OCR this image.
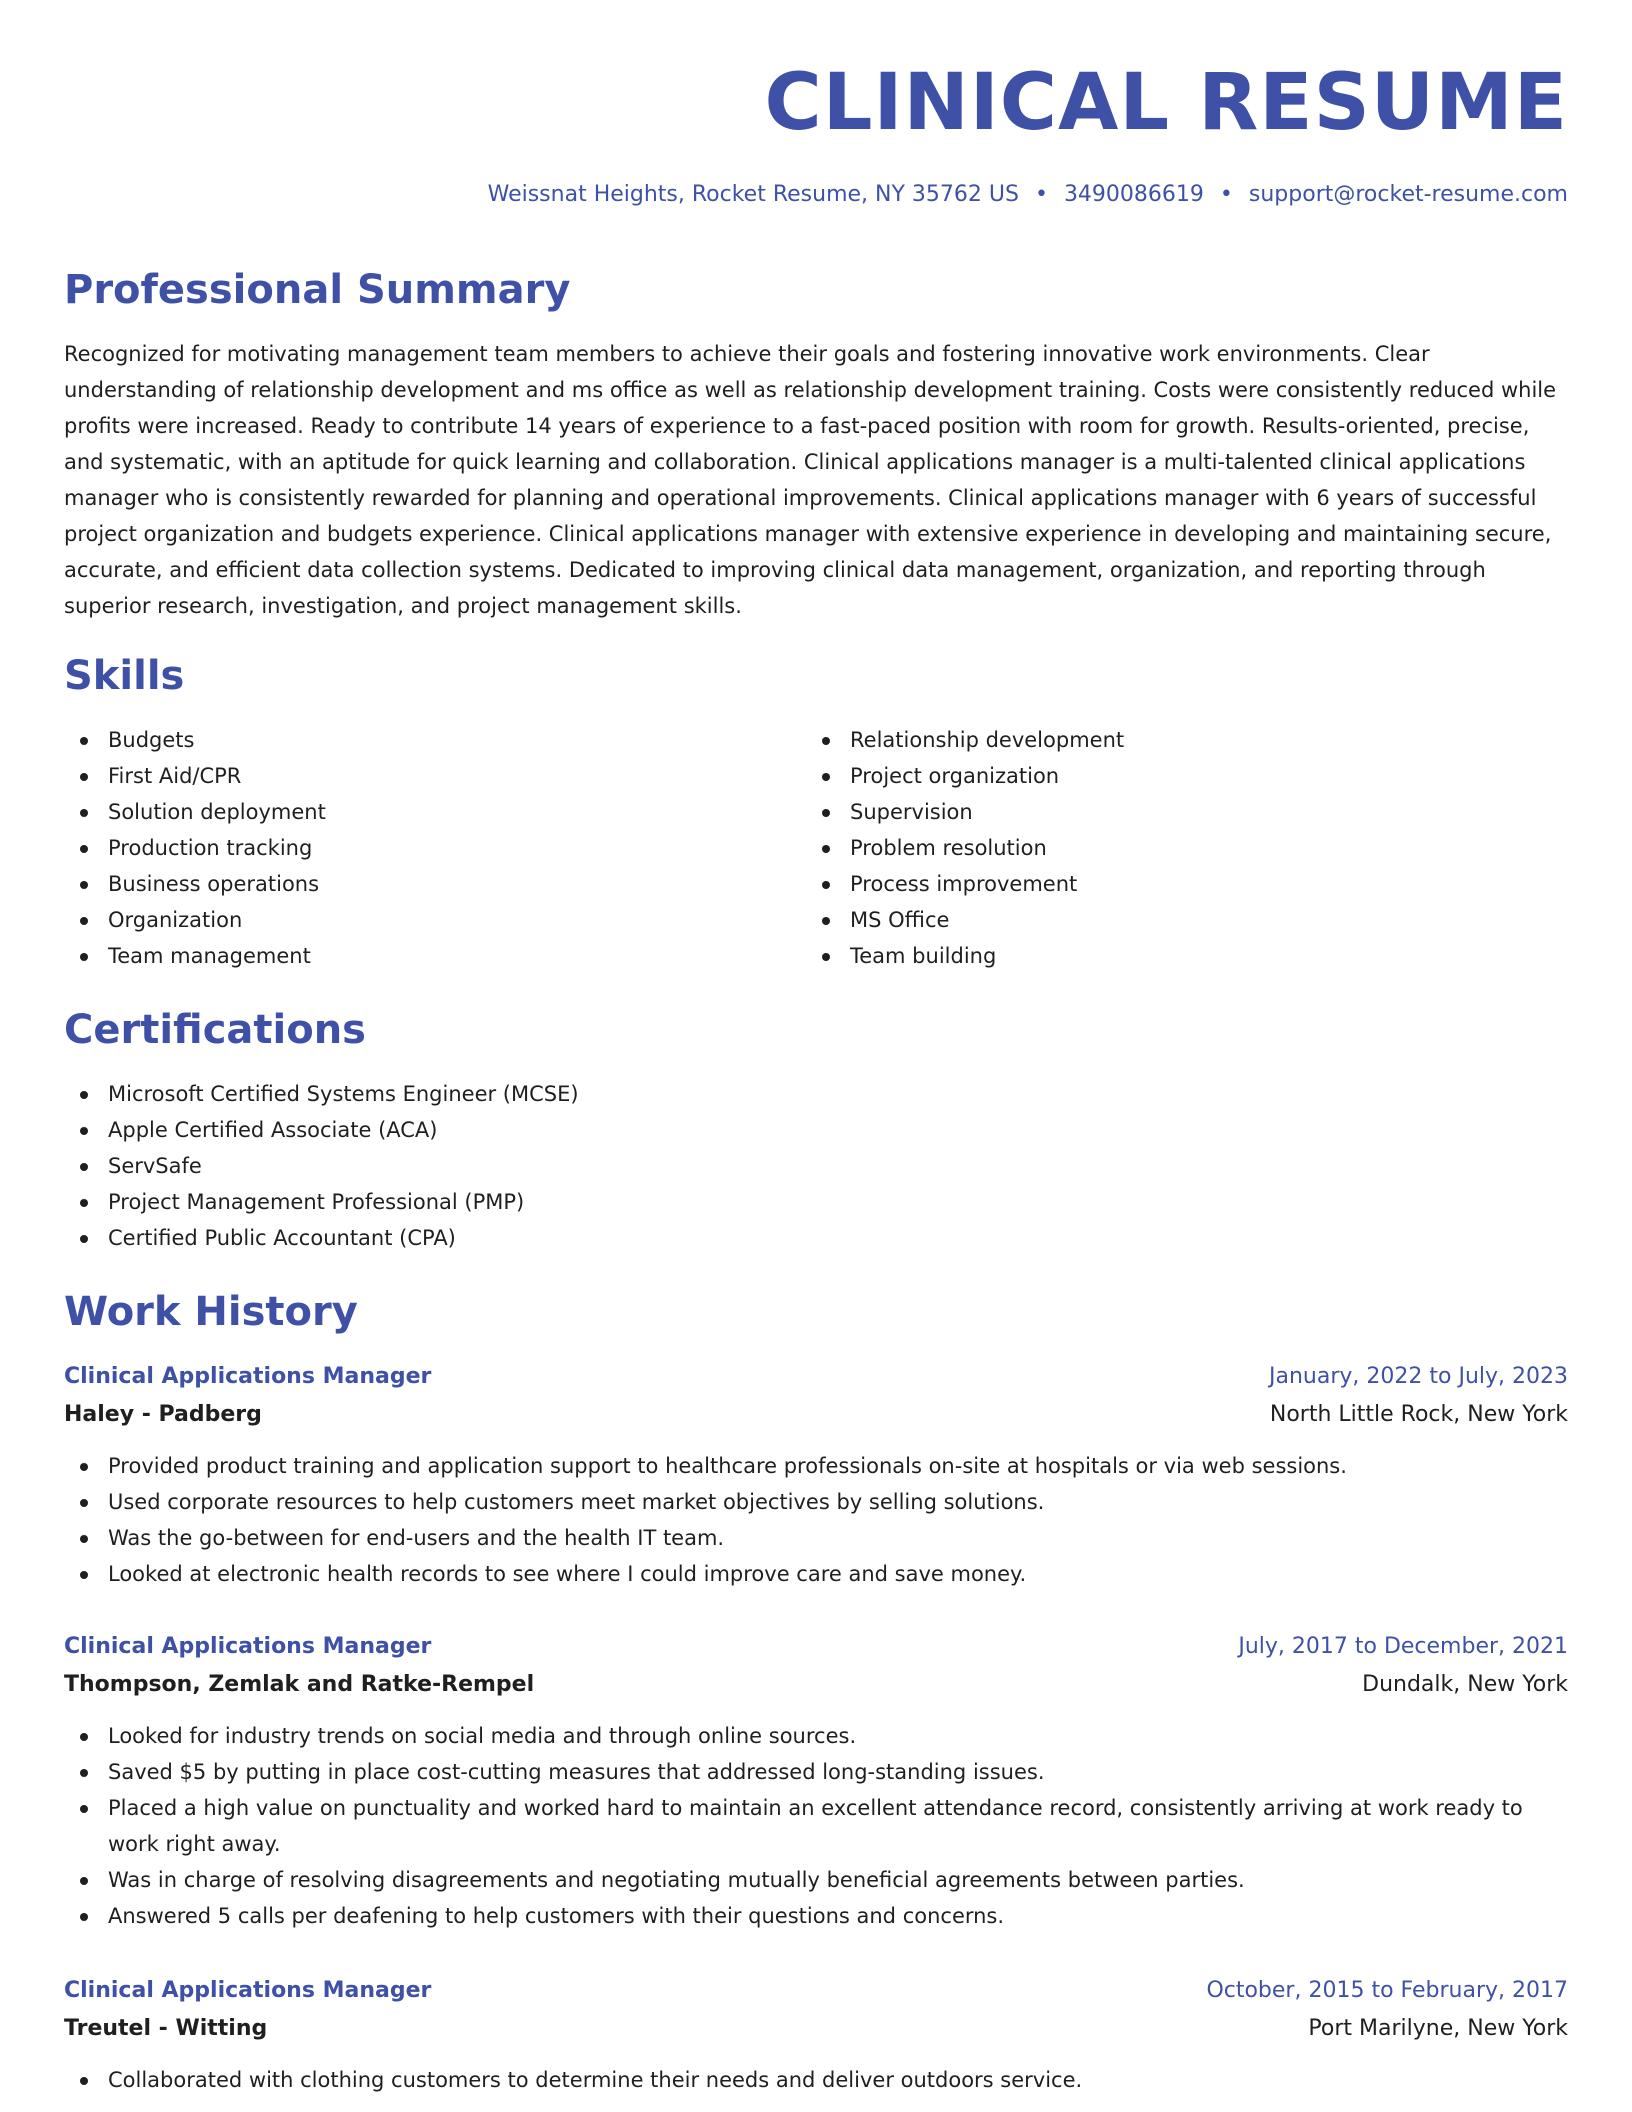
CLINICAL RESUME
Weissnat Heights, Rocket Resume, NY 35762 US • 3490086619 • support@rocket-resume.com
Professional Summary

Recognized for motivating management team members to achieve their goals and fostering innovative work environments. Clear understanding of relationship development and ms office as well as relationship development training. Costs were consistently reduced while profits were increased. Ready to contribute 14 years of experience to a fast-paced position with room for growth. Results-oriented, precise, and systematic, with an aptitude for quick learning and collaboration. Clinical applications manager is a multi-talented clinical applications manager who is consistently rewarded for planning and operational improvements. Clinical applications manager with 6 years of successful project organization and budgets experience. Clinical applications manager with extensive experience in developing and maintaining secure, accurate, and efficient data collection systems. Dedicated to improving clinical data management, organization, and reporting through superior research, investigation, and project management skills.

Skills
Budgets
First Aid/CPR
Solution deployment
Production tracking
Business operations
Organization
Team management
Relationship development
Project organization
Supervision
Problem resolution
Process improvement
MS Office
Team building
Certifications
Microsoft Certified Systems Engineer (MCSE)
Apple Certified Associate (ACA)
ServSafe
Project Management Professional (PMP)
Certified Public Accountant (CPA)
Work History
Clinical Applications Manager	January, 2022 to July, 2023
Haley - Padberg	North Little Rock, New York
Provided product training and application support to healthcare professionals on-site at hospitals or via web sessions.
Used corporate resources to help customers meet market objectives by selling solutions.
Was the go-between for end-users and the health IT team.
Looked at electronic health records to see where I could improve care and save money.
Clinical Applications Manager	July, 2017 to December, 2021
Thompson, Zemlak and Ratke-Rempel	Dundalk, New York
Looked for industry trends on social media and through online sources.
Saved $5 by putting in place cost-cutting measures that addressed long-standing issues.
Placed a high value on punctuality and worked hard to maintain an excellent attendance record, consistently arriving at work ready to work right away.
Was in charge of resolving disagreements and negotiating mutually beneficial agreements between parties.
Answered 5 calls per deafening to help customers with their questions and concerns.
Clinical Applications Manager	October, 2015 to February, 2017
Treutel - Witting	Port Marilyne, New York
Collaborated with clothing customers to determine their needs and deliver outdoors service.
